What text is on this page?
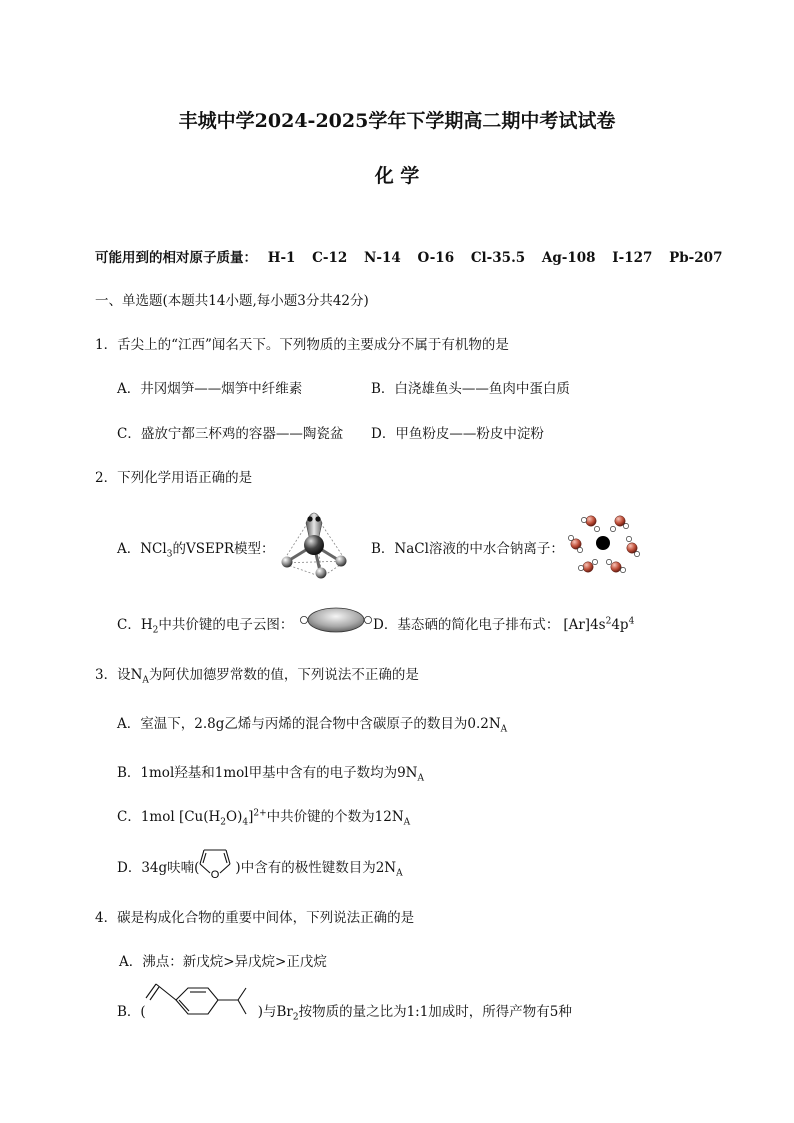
丰城中学2024-2025学年下学期高二期中考试试卷
化 学
可能用到的相对原子质量： H-1 C-12 N-14 O-16 Cl-35.5 Ag-108 I-127 Pb-207
一、单选题(本题共14小题,每小题3分共42分)
1．舌尖上的“江西”闻名天下。下列物质的主要成分不属于有机物的是
A．井冈烟笋——烟笋中纤维素	B．白浇雄鱼头——鱼肉中蛋白质
C．盛放宁都三杯鸡的容器——陶瓷盆 D．甲鱼粉皮——粉皮中淀粉
2．下列化学用语正确的是
A．NCl$_3$的VSEPR模型：	B．NaCl溶液的中水合钠离子：
C．$H_2$中共价键的电子云图：	D．基态硒的简化电子排布式： $[Ar]4s^24p^4$
3．设$N_A$为阿伏加德罗常数的值，下列说法不正确的是
A．室温下，2.8g乙烯与丙烯的混合物中含碳原子的数目为$0.2N_A$
B．1mol羟基和1mol甲基中含有的电子数均为$9N_A$
C．1mol $[Cu(H_2O)_4]^{2+}$中共价键的个数为$12N_A$
D．34g呋喃(	)中含有的极性键数目为$2N_A$
O
4．碳是构成化合物的重要中间体，下列说法正确的是
A．沸点：新戊烷>异戊烷>正戊烷
B．(	)与$Br_2$按物质的量之比为1:1加成时，所得产物有5种
